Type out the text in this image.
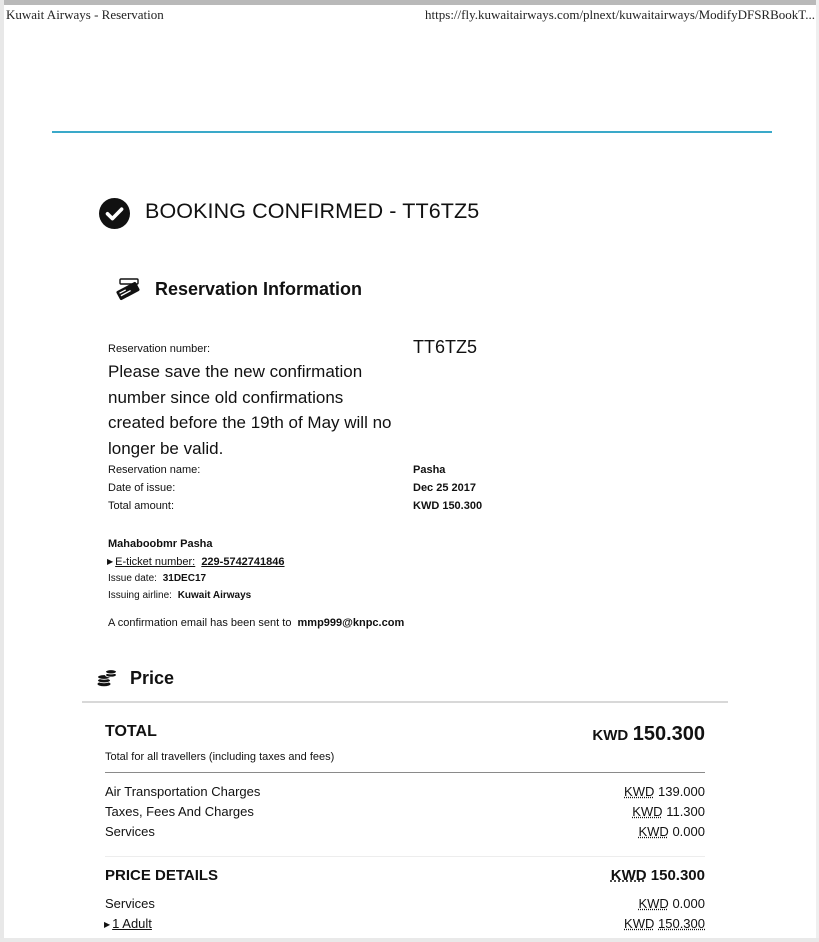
Kuwait Airways - Reservation	https://fly.kuwaitairways.com/plnext/kuwaitairways/ModifyDFSRBookT...
BOOKING CONFIRMED - TT6TZ5
Reservation Information
Reservation number:	TT6TZ5
Please save the new confirmation number since old confirmations created before the 19th of May will no longer be valid.
Reservation name:	Pasha
Date of issue:	Dec 25 2017
Total amount:	KWD 150.300
Mahaboobmr Pasha
▶ E-ticket number: 229-5742741846
Issue date: 31DEC17
Issuing airline: Kuwait Airways
A confirmation email has been sent to mmp999@knpc.com
Price
TOTAL	KWD 150.300
Total for all travellers (including taxes and fees)
Air Transportation Charges	KWD 139.000
Taxes, Fees And Charges	KWD 11.300
Services	KWD 0.000
PRICE DETAILS	KWD 150.300
Services	KWD 0.000
▶ 1 Adult	KWD 150.300
